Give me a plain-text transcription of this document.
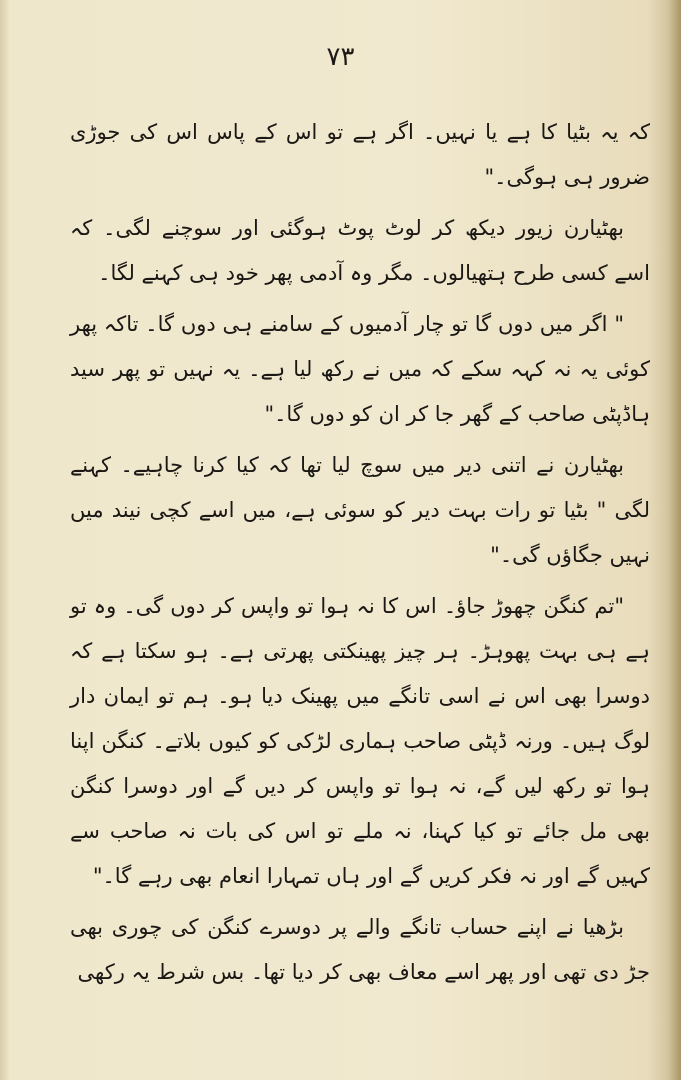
۷۳

کہ یہ بٹیا کا ہے یا نہیں۔ اگر ہے تو اس کے پاس اس کی جوڑی ضرور ہی ہوگی۔"

بھٹیارن زیور دیکھ کر لوٹ پوٹ ہوگئی اور سوچنے لگی۔ کہ اسے کسی طرح ہتھیالوں۔ مگر وہ آدمی پھر خود ہی کہنے لگا۔

" اگر میں دوں گا تو چار آدمیوں کے سامنے ہی دوں گا۔ تاکہ پھر کوئی یہ نہ کہہ سکے کہ میں نے رکھ لیا ہے۔ یہ نہیں تو پھر سید ہاڈپٹی صاحب کے گھر جا کر ان کو دوں گا۔"

بھٹیارن نے اتنی دیر میں سوچ لیا تھا کہ کیا کرنا چاہیے۔ کہنے لگی " بٹیا تو رات بہت دیر کو سوئی ہے، میں اسے کچی نیند میں نہیں جگاؤں گی۔"

"تم کنگن چھوڑ جاؤ۔ اس کا نہ ہوا تو واپس کر دوں گی۔ وہ تو ہے ہی بہت پھوہڑ۔ ہر چیز پھینکتی پھرتی ہے۔ ہو سکتا ہے کہ دوسرا بھی اس نے اسی تانگے میں پھینک دیا ہو۔ ہم تو ایمان دار لوگ ہیں۔ ورنہ ڈپٹی صاحب ہماری لڑکی کو کیوں بلاتے۔ کنگن اپنا ہوا تو رکھ لیں گے، نہ ہوا تو واپس کر دیں گے اور دوسرا کنگن بھی مل جائے تو کیا کہنا، نہ ملے تو اس کی بات نہ صاحب سے کہیں گے اور نہ فکر کریں گے اور ہاں تمہارا انعام بھی رہے گا۔"

بڑھیا نے اپنے حساب تانگے والے پر دوسرے کنگن کی چوری بھی جڑ دی تھی اور پھر اسے معاف بھی کر دیا تھا۔ بس شرط یہ رکھی
